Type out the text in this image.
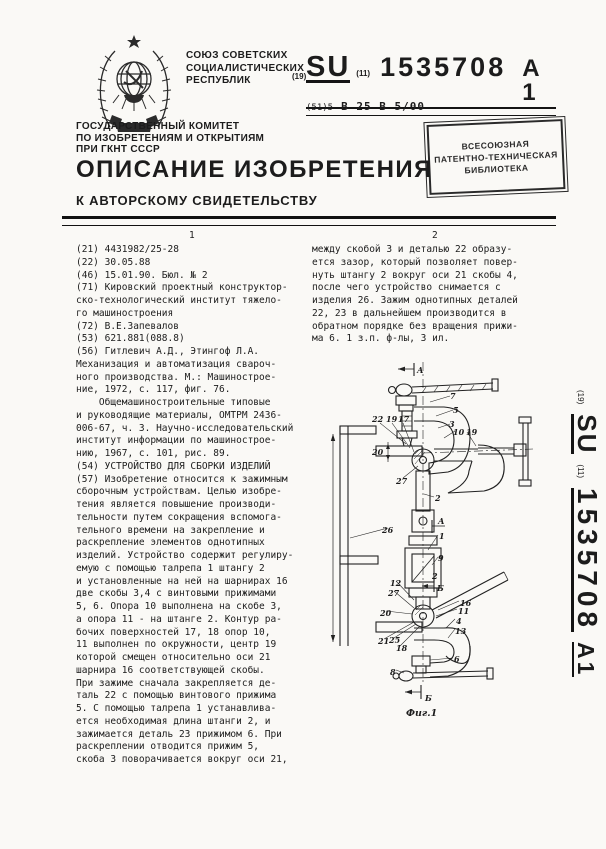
СОЮЗ СОВЕТСКИХ
СОЦИАЛИСТИЧЕСКИХ
РЕСПУБЛИК	(19) SU (11) 1535708 A 1
(51)5 В 25 В 5/00
ГОСУДАРСТВЕННЫЙ КОМИТЕТ
ПО ИЗОБРЕТЕНИЯМ И ОТКРЫТИЯМ
ПРИ ГКНТ СССР	ВСЕСОЮЗНАЯ
ПАТЕНТНО-ТЕХНИЧЕСКАЯ
БИБЛИОТЕКА
ОПИСАНИЕ ИЗОБРЕТЕНИЯ
К АВТОРСКОМУ СВИДЕТЕЛЬСТВУ
1	2
(21) 4431982/25-28
(22) 30.05.88
(46) 15.01.90. Бюл. № 2
(71) Кировский проектный конструктор-
ско-технологический институт тяжело-
го машиностроения
(72) В.Е.Запевалов
(53) 621.881(088.8)
(56) Гитлевич А.Д., Этингоф Л.А.
Механизация и автоматизация свароч-
ного производства. М.: Машинострое-
ние, 1972, с. 117, фиг. 76.
Общемашиностроительные типовые
и руководящие материалы, ОМТРМ 2436-
006-67, ч. 3. Научно-исследовательский
институт информации по машиностроe-
нию, 1967, с. 101, рис. 89.
(54) УСТРОЙСТВО ДЛЯ СБОРКИ ИЗДЕЛИЙ
(57) Изобретение относится к зажимным
сборочным устройствам. Целью изобре-
тения является повышение производи-
тельности путем сокращения вспомога-
тельного времени на закрепление и
раскрепление элементов однотипных
изделий. Устройство содержит регулиру-
емую с помощью талрепа 1 штангу 2
и установленные на ней на шарнирах 16
две скобы 3,4 с винтовыми прижимами
5, 6. Опора 10 выполнена на скобе 3,
а опора 11 - на штанге 2. Контур ра-
бочих поверхностей 17, 18 опор 10,
11 выполнен по окружности, центр 19
которой смещен относительно оси 21
шарнира 16 соответствующей скобы.
При зажиме сначала закрепляется де-
таль 22 с помощью винтового прижима
5. С помощью талрепа 1 устанавлива-
ется необходимая длина штанги 2, и
зажимается деталь 23 прижимом 6. При
раскреплении отводится прижим 5,
скоба 3 поворачивается вокруг оси 21,
между скобой 3 и деталью 22 образу-
ется зазор, который позволяет повер-
нуть штангу 2 вокруг оси 21 скобы 4,
после чего устройство снимается с
изделия 26. Зажим однотипных деталей
22, 23 в дальнейшем производится в
обратном порядке без вращения прижи-
ма 6. 1 з.п. ф-лы, 3 ил.
А
7
5
3
10 19
22 19 17
20
27
2
26
А
1
9
Б
2
12
27
20
16
11
4
13
21 25
18
6
8
Б
Фиг.1
(19)
SU
(11)
1535708
А1
